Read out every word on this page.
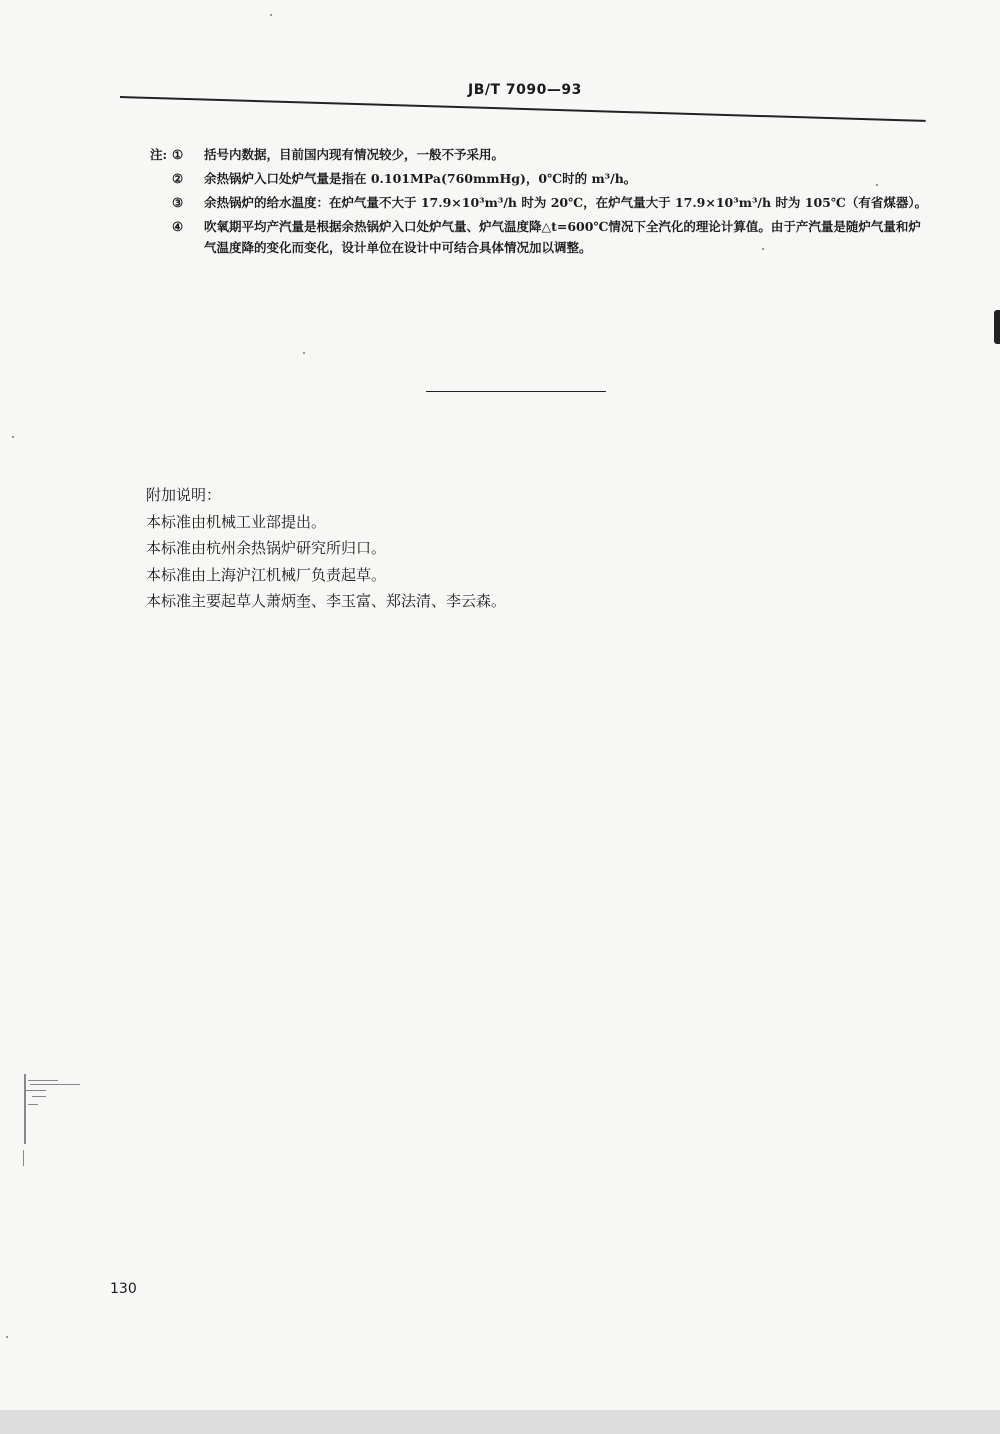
JB/T 7090—93
注: ① 括号内数据，目前国内现有情况较少，一般不予采用。
② 余热锅炉入口处炉气量是指在 0.101MPa(760mmHg)，0℃时的 m³/h。
③ 余热锅炉的给水温度：在炉气量不大于 17.9×10³m³/h 时为 20℃，在炉气量大于 17.9×10³m³/h 时为 105℃（有省煤器）。
④ 吹氧期平均产汽量是根据余热锅炉入口处炉气量、炉气温度降△t=600℃情况下全汽化的理论计算值。由于产汽量是随炉气量和炉气温度降的变化而变化，设计单位在设计中可结合具体情况加以调整。
附加说明：
本标准由机械工业部提出。
本标准由杭州余热锅炉研究所归口。
本标准由上海沪江机械厂负责起草。
本标准主要起草人萧炳奎、李玉富、郑法清、李云森。
130
